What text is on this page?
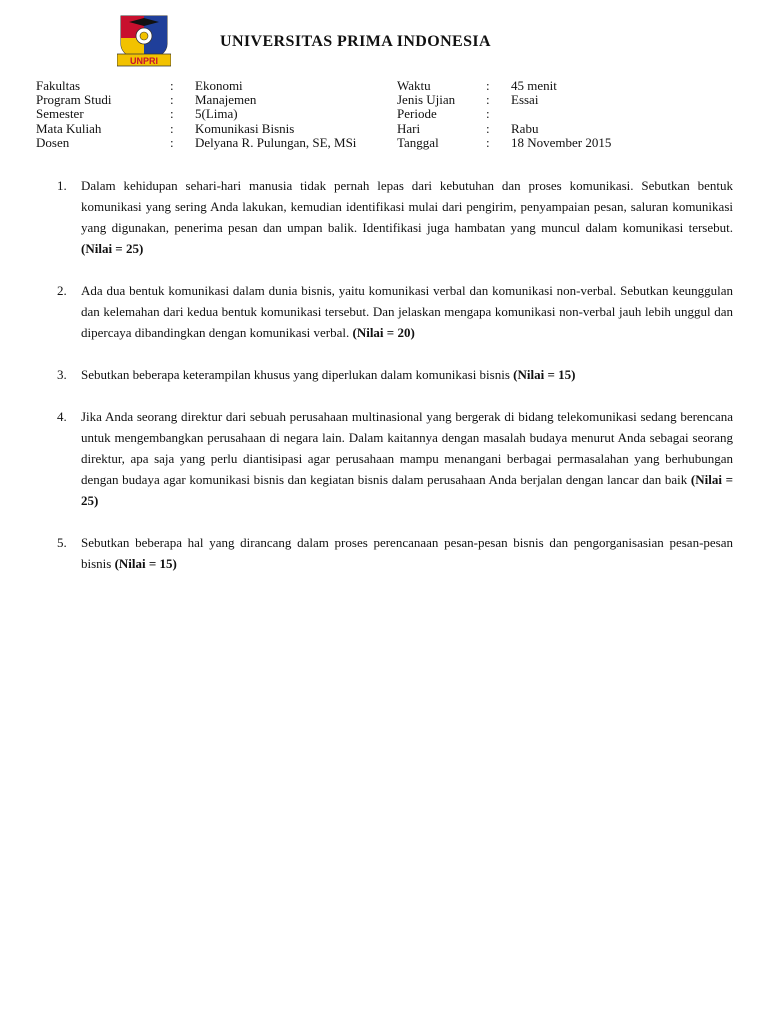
UNPRI
UNIVERSITAS PRIMA INDONESIA
Fakultas
Program Studi
Semester
Mata Kuliah
Dosen
:
:
:
:
:
Ekonomi
Manajemen
5(Lima)
Komunikasi Bisnis
Delyana R. Pulungan, SE, MSi
Waktu
Jenis Ujian
Periode
Hari
Tanggal
:
:
:
:
:
45 menit
Essai
Rabu
18 November 2015
1. Dalam kehidupan sehari-hari manusia tidak pernah lepas dari kebutuhan dan proses komunikasi. Sebutkan bentuk komunikasi yang sering Anda lakukan, kemudian identifikasi mulai dari pengirim, penyampaian pesan, saluran komunikasi yang digunakan, penerima pesan dan umpan balik. Identifikasi juga hambatan yang muncul dalam komunikasi tersebut. (Nilai = 25)
2. Ada dua bentuk komunikasi dalam dunia bisnis, yaitu komunikasi verbal dan komunikasi non-verbal. Sebutkan keunggulan dan kelemahan dari kedua bentuk komunikasi tersebut. Dan jelaskan mengapa komunikasi non-verbal jauh lebih unggul dan dipercaya dibandingkan dengan komunikasi verbal. (Nilai = 20)
3. Sebutkan beberapa keterampilan khusus yang diperlukan dalam komunikasi bisnis (Nilai = 15)
4. Jika Anda seorang direktur dari sebuah perusahaan multinasional yang bergerak di bidang telekomunikasi sedang berencana untuk mengembangkan perusahaan di negara lain. Dalam kaitannya dengan masalah budaya menurut Anda sebagai seorang direktur, apa saja yang perlu diantisipasi agar perusahaan mampu menangani berbagai permasalahan yang berhubungan dengan budaya agar komunikasi bisnis dan kegiatan bisnis dalam perusahaan Anda berjalan dengan lancar dan baik (Nilai = 25)
5. Sebutkan beberapa hal yang dirancang dalam proses perencanaan pesan-pesan bisnis dan pengorganisasian pesan-pesan bisnis (Nilai = 15)
